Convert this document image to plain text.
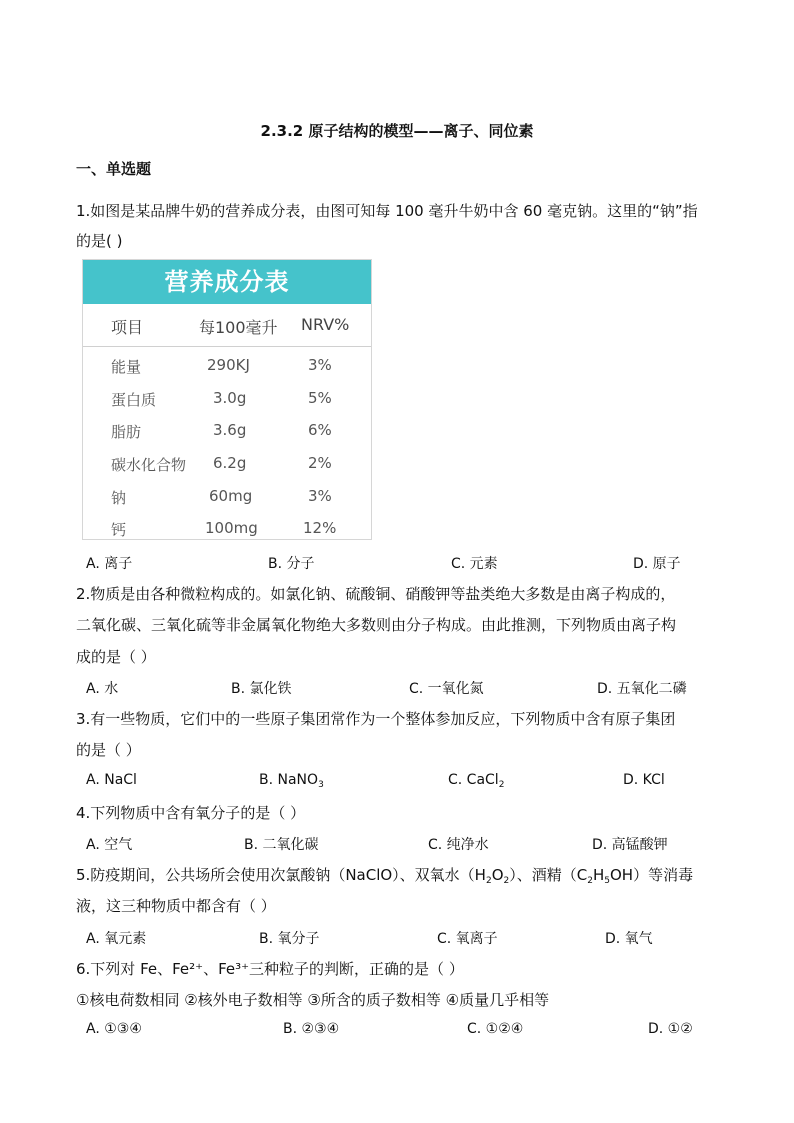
2.3.2 原子结构的模型——离子、同位素
一、单选题
1.如图是某品牌牛奶的营养成分表，由图可知每 100 毫升牛奶中含 60 毫克钠。这里的“钠”指
的是( )
营养成分表
项目	每100毫升 NRV%
能量	290KJ	3%
蛋白质	3.0g	5%
脂肪	3.6g	6%
碳水化合物 6.2g	2%
钠	60mg	3%
钙	100mg	12%
A. 离子	B. 分子	C. 元素	D. 原子
2.物质是由各种微粒构成的。如氯化钠、硫酸铜、硝酸钾等盐类绝大多数是由离子构成的，
二氧化碳、三氧化硫等非金属氧化物绝大多数则由分子构成。由此推测，下列物质由离子构
成的是（ ）
A. 水	B. 氯化铁	C. 一氧化氮	D. 五氧化二磷
3.有一些物质，它们中的一些原子集团常作为一个整体参加反应，下列物质中含有原子集团
的是（ ）
A. NaCl	B. NaNO$_3$	C. CaCl$_2$	D. KCl
4.下列物质中含有氧分子的是（ ）
A. 空气	B. 二氧化碳	C. 纯净水	D. 高锰酸钾
5.防疫期间，公共场所会使用次氯酸钠（NaClO）、双氧水$(H_2O_2)$、酒精$(C_2H_5OH)$等消毒
液，这三种物质中都含有（ ）
A. 氧元素	B. 氧分子	C. 氧离子	D. 氧气
6.下列对 Fe、Fe²⁺、Fe³⁺三种粒子的判断，正确的是（ ）
①核电荷数相同 ②核外电子数相等 ③所含的质子数相等 ④质量几乎相等
A. ①③④	B. ②③④	C. ①②④	D. ①②
